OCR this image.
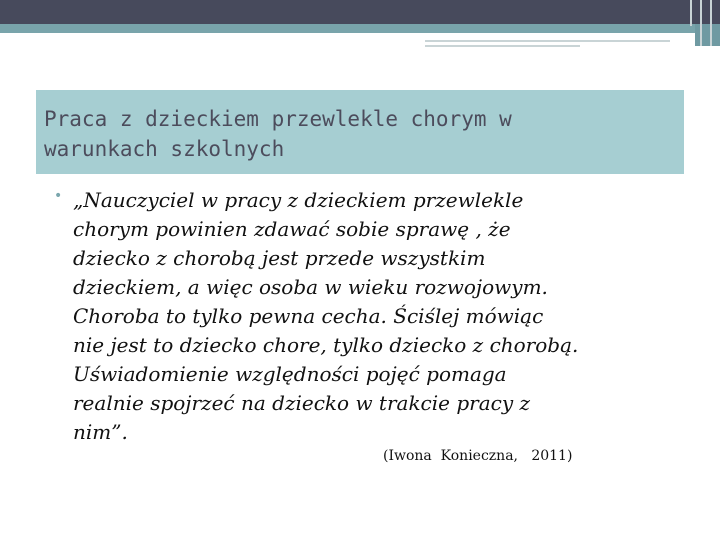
Praca z dzieckiem przewlekle chorym w
warunkach szkolnych
• „Nauczyciel w pracy z dzieckiem przewlekle
chorym powinien zdawać sobie sprawę , że
dziecko z chorobą jest przede wszystkim
dzieckiem, a więc osoba w wieku rozwojowym.
Choroba to tylko pewna cecha. Ściślej mówiąc
nie jest to dziecko chore, tylko dziecko z chorobą.
Uświadomienie względności pojęć pomaga
realnie spojrzeć na dziecko w trakcie pracy z
nim”.

(Iwona  Konieczna,   2011)
